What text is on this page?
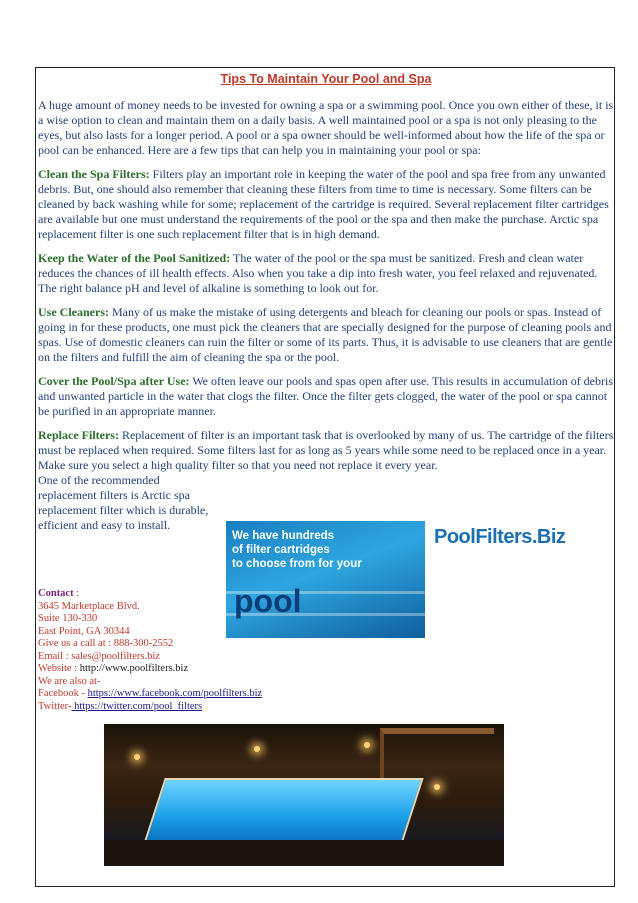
Tips To Maintain Your Pool and Spa

A huge amount of money needs to be invested for owning a spa or a swimming pool. Once you own either of these, it is a wise option to clean and maintain them on a daily basis. A well maintained pool or a spa is not only pleasing to the eyes, but also lasts for a longer period. A pool or a spa owner should be well-informed about how the life of the spa or pool can be enhanced. Here are a few tips that can help you in maintaining your pool or spa:

Clean the Spa Filters: Filters play an important role in keeping the water of the pool and spa free from any unwanted debris. But, one should also remember that cleaning these filters from time to time is necessary. Some filters can be cleaned by back washing while for some; replacement of the cartridge is required. Several replacement filter cartridges are available but one must understand the requirements of the pool or the spa and then make the purchase. Arctic spa replacement filter is one such replacement filter that is in high demand.

Keep the Water of the Pool Sanitized: The water of the pool or the spa must be sanitized. Fresh and clean water reduces the chances of ill health effects. Also when you take a dip into fresh water, you feel relaxed and rejuvenated. The right balance pH and level of alkaline is something to look out for.

Use Cleaners: Many of us make the mistake of using detergents and bleach for cleaning our pools or spas. Instead of going in for these products, one must pick the cleaners that are specially designed for the purpose of cleaning pools and spas. Use of domestic cleaners can ruin the filter or some of its parts. Thus, it is advisable to use cleaners that are gentle on the filters and fulfill the aim of cleaning the spa or the pool.

Cover the Pool/Spa after Use: We often leave our pools and spas open after use. This results in accumulation of debris and unwanted particle in the water that clogs the filter. Once the filter gets clogged, the water of the pool or spa cannot be purified in an appropriate manner.

Replace Filters: Replacement of filter is an important task that is overlooked by many of us. The cartridge of the filters must be replaced when required. Some filters last for as long as 5 years while some need to be replaced once in a year. Make sure you select a high quality filter so that you need not replace it every year.

One of the recommended
replacement filters is Arctic spa
replacement filter which is durable,
efficient and easy to install.
We have hundreds
of filter cartridges
to choose from for your
pool
PoolFilters.Biz
Contact :
3645 Marketplace Blvd.
Suite 130-330
East Point, GA 30344
Give us a call at : 888-300-2552
Email : sales@poolfilters.biz
Website : http://www.poolfilters.biz
We are also at-
Facebook - https://www.facebook.com/poolfilters.biz
Twitter- https://twitter.com/pool_filters
